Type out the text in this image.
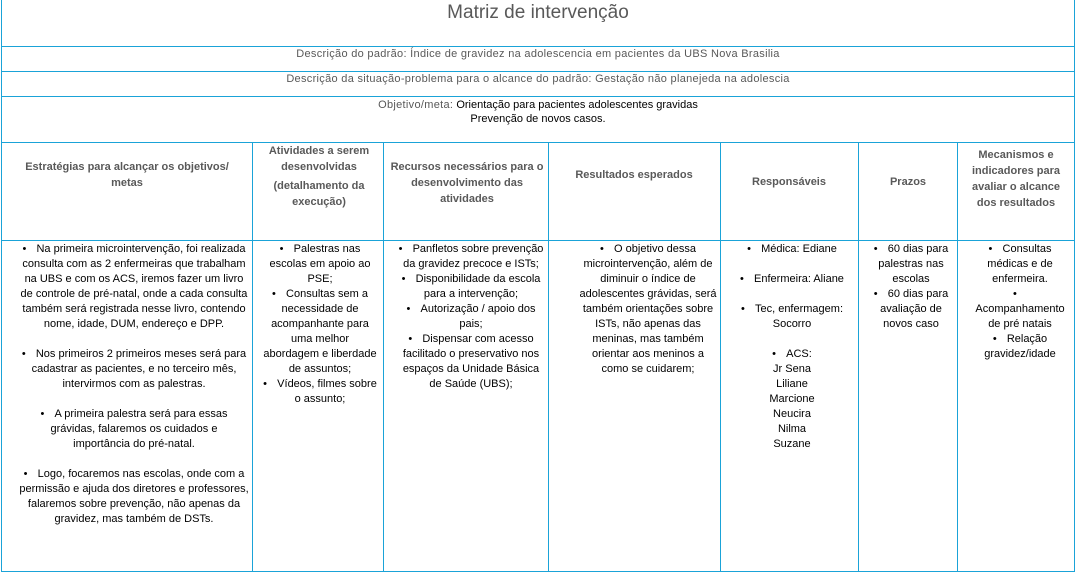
Matriz de intervenção
Descrição do padrão: Índice de gravidez na adolescencia em pacientes da UBS Nova Brasilia
Descrição da situação-problema para o alcance do padrão: Gestação não planejeda na adolescia
Objetivo/meta: Orientação para pacientes adolescentes gravidas
Prevenção de novos casos.
Estratégias para alcançar os objetivos/ metas
Atividades a serem desenvolvidas
(detalhamento da execução)
Recursos necessários para o desenvolvimento das atividades
Resultados esperados
Responsáveis	Prazos
Mecanismos e indicadores para avaliar o alcance dos resultados
• Na primeira microintervenção, foi realizada consulta com as 2 enfermeiras que trabalham na UBS e com os ACS, iremos fazer um livro de controle de pré-natal, onde a cada consulta também será registrada nesse livro, contendo nome, idade, DUM, endereço e DPP.
• Nos primeiros 2 primeiros meses será para cadastrar as pacientes, e no terceiro mês, intervirmos com as palestras.
• A primeira palestra será para essas grávidas, falaremos os cuidados e importância do pré-natal.
• Logo, focaremos nas escolas, onde com a permissão e ajuda dos diretores e professores, falaremos sobre prevenção, não apenas da gravidez, mas também de DSTs.
• Palestras nas escolas em apoio ao PSE;
• Consultas sem a necessidade de acompanhante para uma melhor abordagem e liberdade de assuntos;
• Vídeos, filmes sobre o assunto;
• Panfletos sobre prevenção da gravidez precoce e ISTs;
• Disponibilidade da escola para a intervenção;
• Autorização / apoio dos pais;
• Dispensar com acesso facilitado o preservativo nos espaços da Unidade Básica de Saúde (UBS);
• O objetivo dessa microintervenção, além de diminuir o índice de adolescentes grávidas, será também orientações sobre ISTs, não apenas das meninas, mas também orientar aos meninos a como se cuidarem;
• Médica: Ediane
• Enfermeira: Aliane
• Tec, enfermagem: Socorro
• ACS:
Jr Sena
Liliane
Marcione
Neucira
Nilma
Suzane
• 60 dias para palestras nas escolas
• 60 dias para avaliação de novos caso
• Consultas médicas e de enfermeira.
•Acompanhamento de pré natais
• Relação gravidez/idade
